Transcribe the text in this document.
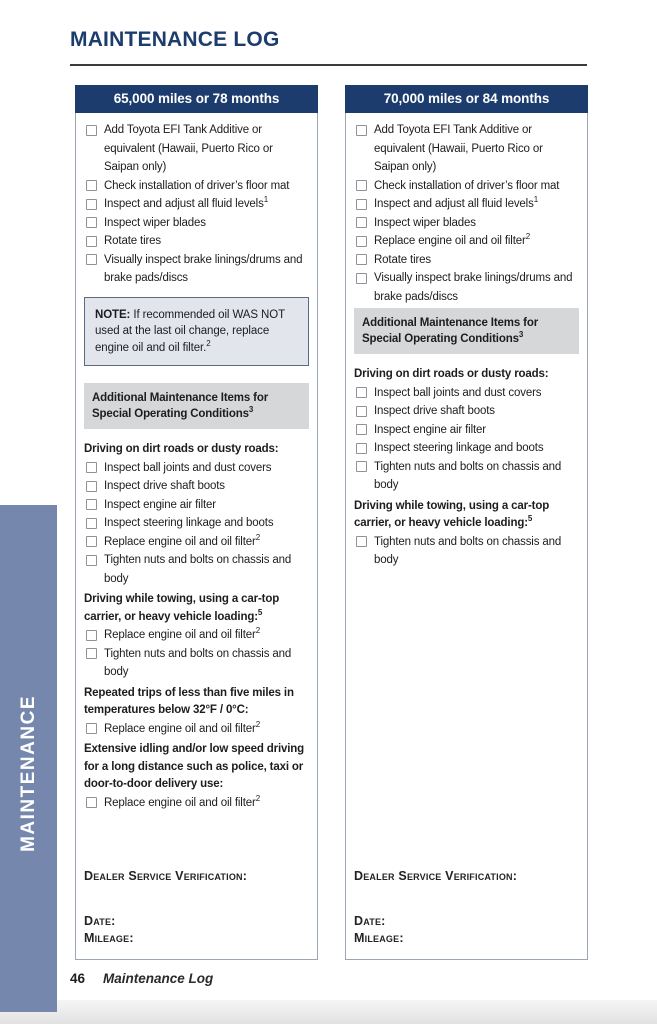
MAINTENANCE
MAINTENANCE LOG
65,000 miles or 78 months
Add Toyota EFI Tank Additive or equivalent (Hawaii, Puerto Rico or Saipan only)
Check installation of driver’s floor mat
Inspect and adjust all fluid levels$^1$
Inspect wiper blades
Rotate tires
Visually inspect brake linings/drums and brake pads/discs
NOTE: If recommended oil WAS NOT used at the last oil change, replace engine oil and oil filter.$^2$
Additional Maintenance Items for Special Operating Conditions$^3$
Driving on dirt roads or dusty roads:
Inspect ball joints and dust covers
Inspect drive shaft boots
Inspect engine air filter
Inspect steering linkage and boots
Replace engine oil and oil filter$^2$
Tighten nuts and bolts on chassis and body
Driving while towing, using a car-top carrier, or heavy vehicle loading:$^5$
Replace engine oil and oil filter$^2$
Tighten nuts and bolts on chassis and body
Repeated trips of less than five miles in temperatures below 32°F / 0°C:
Replace engine oil and oil filter$^2$
Extensive idling and/or low speed driving for a long distance such as police, taxi or door-to-door delivery use:
Replace engine oil and oil filter$^2$
Dealer Service Verification:
Date:
Mileage:
70,000 miles or 84 months
Add Toyota EFI Tank Additive or equivalent (Hawaii, Puerto Rico or Saipan only)
Check installation of driver’s floor mat
Inspect and adjust all fluid levels$^1$
Inspect wiper blades
Replace engine oil and oil filter$^2$
Rotate tires
Visually inspect brake linings/drums and brake pads/discs
Additional Maintenance Items for Special Operating Conditions$^3$
Driving on dirt roads or dusty roads:
Inspect ball joints and dust covers
Inspect drive shaft boots
Inspect engine air filter
Inspect steering linkage and boots
Tighten nuts and bolts on chassis and body
Driving while towing, using a car-top carrier, or heavy vehicle loading:$^5$
Tighten nuts and bolts on chassis and body
Dealer Service Verification:
Date:
Mileage:
46 Maintenance Log
